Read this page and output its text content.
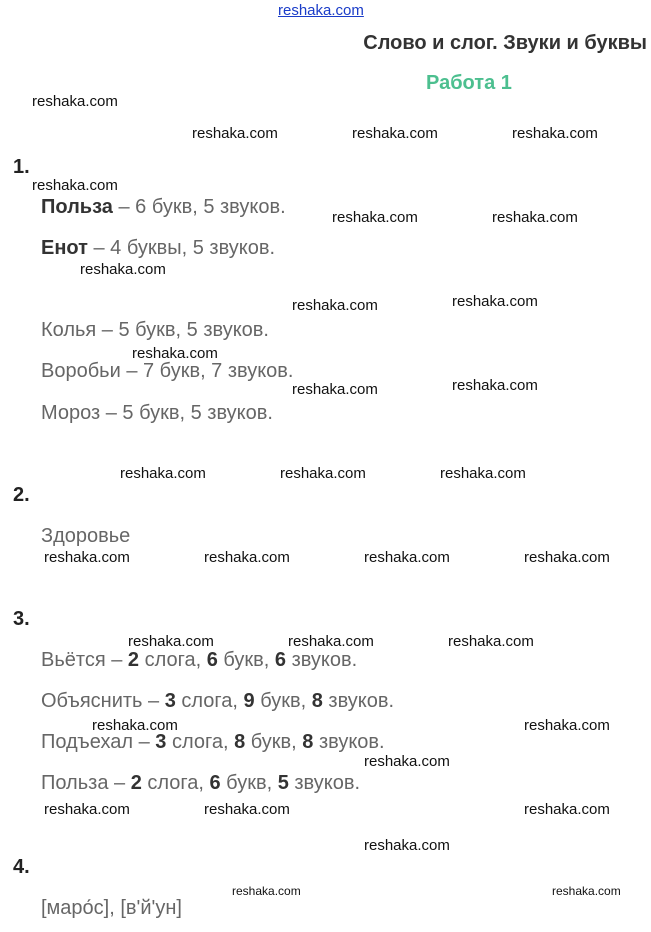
reshaka.com
Слово и слог. Звуки и буквы
Работа 1
1.
Польза – 6 букв, 5 звуков.
Енот – 4 буквы, 5 звуков.
Колья – 5 букв, 5 звуков.
Воробьи – 7 букв, 7 звуков.
Мороз – 5 букв, 5 звуков.
2.
Здоровье
3.
Вьётся – 2 слога, 6 букв, 6 звуков.
Объяснить – 3 слога, 9 букв, 8 звуков.
Подъехал – 3 слога, 8 букв, 8 звуков.
Польза – 2 слога, 6 букв, 5 звуков.
4.
[маро́с], [в'й'ун]
reshaka.com
reshaka.com	reshaka.com	reshaka.com
reshaka.com
reshaka.com	reshaka.com
reshaka.com
reshaka.com	reshaka.com
reshaka.com
reshaka.com	reshaka.com
reshaka.com	reshaka.com	reshaka.com
reshaka.com	reshaka.com	reshaka.com	reshaka.com
reshaka.com	reshaka.com	reshaka.com
reshaka.com	reshaka.com
reshaka.com
reshaka.com	reshaka.com	reshaka.com
reshaka.com
reshaka.com	reshaka.com
